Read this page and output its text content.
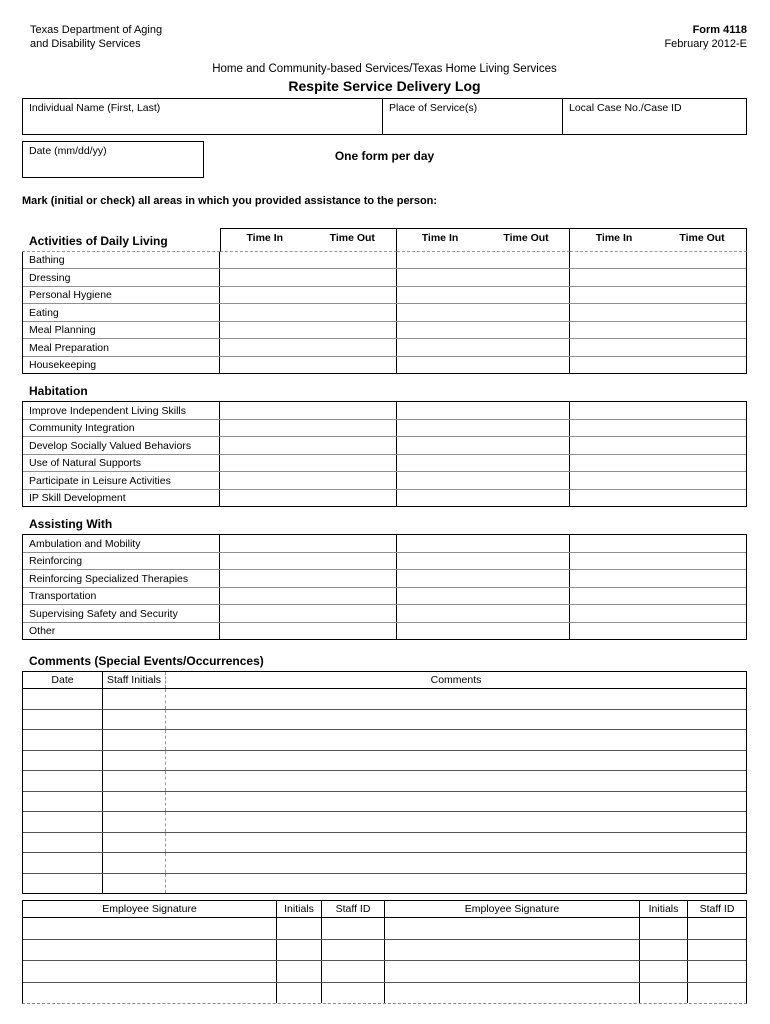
Texas Department of Aging
and Disability Services
Form 4118
February 2012-E
Home and Community-based Services/Texas Home Living Services
Respite Service Delivery Log
Individual Name (First, Last)	Place of Service(s)	Local Case No./Case ID
Date (mm/dd/yy)	One form per day
Mark (initial or check) all areas in which you provided assistance to the person:
Activities of Daily Living	Time In	Time Out	Time In	Time Out	Time In	Time Out
Bathing
Dressing
Personal Hygiene
Eating
Meal Planning
Meal Preparation
Housekeeping
Habitation
Improve Independent Living Skills
Community Integration
Develop Socially Valued Behaviors
Use of Natural Supports
Participate in Leisure Activities
IP Skill Development
Assisting With
Ambulation and Mobility
Reinforcing
Reinforcing Specialized Therapies
Transportation
Supervising Safety and Security
Other
Comments (Special Events/Occurrences)
Date	Staff Initials	Comments
Employee Signature	Initials	Staff ID	Employee Signature	Initials	Staff ID
